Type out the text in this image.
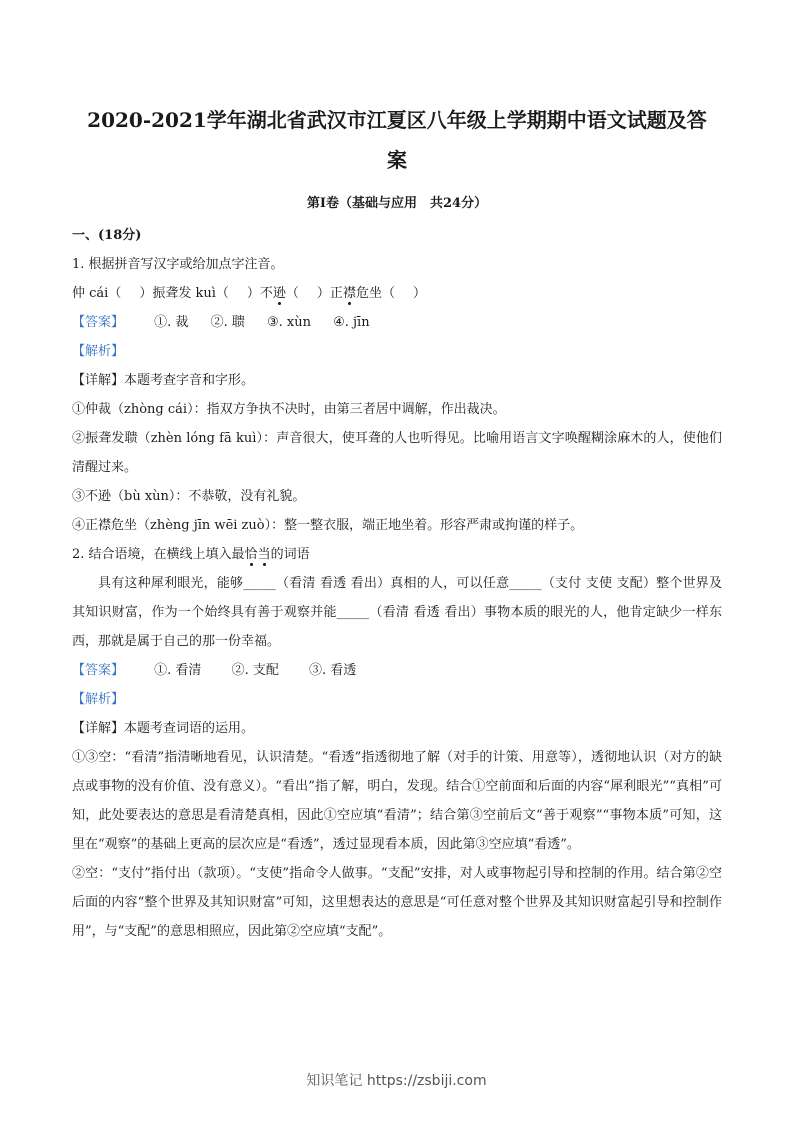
2020-2021学年湖北省武汉市江夏区八年级上学期期中语文试题及答
案
第I卷（基础与应用　共24分）

一、(18分)

1. 根据拼音写汉字或给加点字注音。

仲 cái（ ）振聋发 kuì（ ）不逊（ ）正襟危坐（ ）

【答案】 ①. 裁 ②. 聩 ③. xùn ④. jīn

【解析】

【详解】本题考查字音和字形。

①仲裁（zhòng cái）：指双方争执不决时，由第三者居中调解，作出裁决。

②振聋发聩（zhèn lóng fā kuì）：声音很大，使耳聋的人也听得见。比喻用语言文字唤醒糊涂麻木的人，使他们清醒过来。

③不逊（bù xùn）：不恭敬，没有礼貌。

④正襟危坐（zhèng jīn wēi zuò）：整一整衣服，端正地坐着。形容严肃或拘谨的样子。

2. 结合语境，在横线上填入最恰当的词语

具有这种犀利眼光，能够_____（看清 看透 看出）真相的人，可以任意_____（支付 支使 支配）整个世界及其知识财富，作为一个始终具有善于观察并能_____（看清 看透 看出）事物本质的眼光的人，他肯定缺少一样东西，那就是属于自己的那一份幸福。

【答案】 ①. 看清 ②. 支配 ③. 看透

【解析】

【详解】本题考查词语的运用。

①③空：“看清”指清晰地看见，认识清楚。“看透”指透彻地了解（对手的计策、用意等），透彻地认识（对方的缺点或事物的没有价值、没有意义）。“看出”指了解，明白，发现。结合①空前面和后面的内容“犀利眼光”“真相”可知，此处要表达的意思是看清楚真相，因此①空应填“看清”；结合第③空前后文“善于观察”“事物本质”可知，这里在“观察”的基础上更高的层次应是“看透”，透过显现看本质，因此第③空应填“看透”。

②空：“支付”指付出（款项）。“支使”指命令人做事。“支配”安排，对人或事物起引导和控制的作用。结合第②空后面的内容“整个世界及其知识财富”可知，这里想表达的意思是“可任意对整个世界及其知识财富起引导和控制作用”，与“支配”的意思相照应，因此第②空应填“支配”。

知识笔记 https://zsbiji.com
